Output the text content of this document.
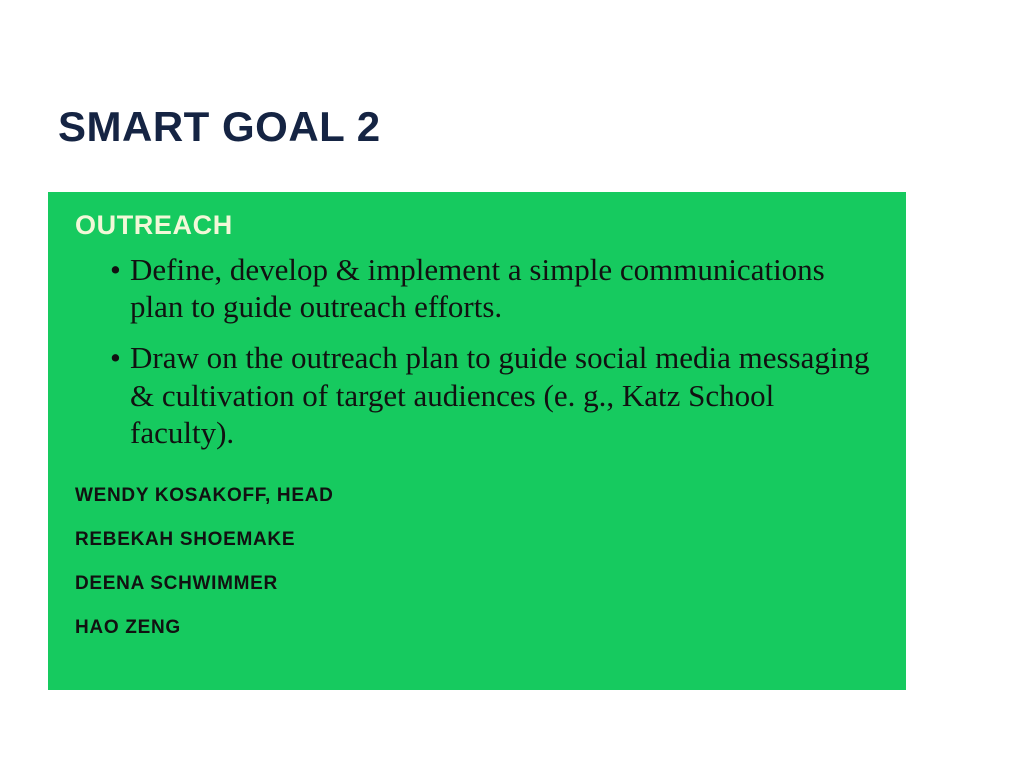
SMART GOAL 2
OUTREACH
• Define, develop & implement a simple communications plan to guide outreach efforts.
• Draw on the outreach plan to guide social media messaging & cultivation of target audiences (e. g., Katz School faculty).
WENDY KOSAKOFF, HEAD
REBEKAH SHOEMAKE
DEENA SCHWIMMER
HAO ZENG
